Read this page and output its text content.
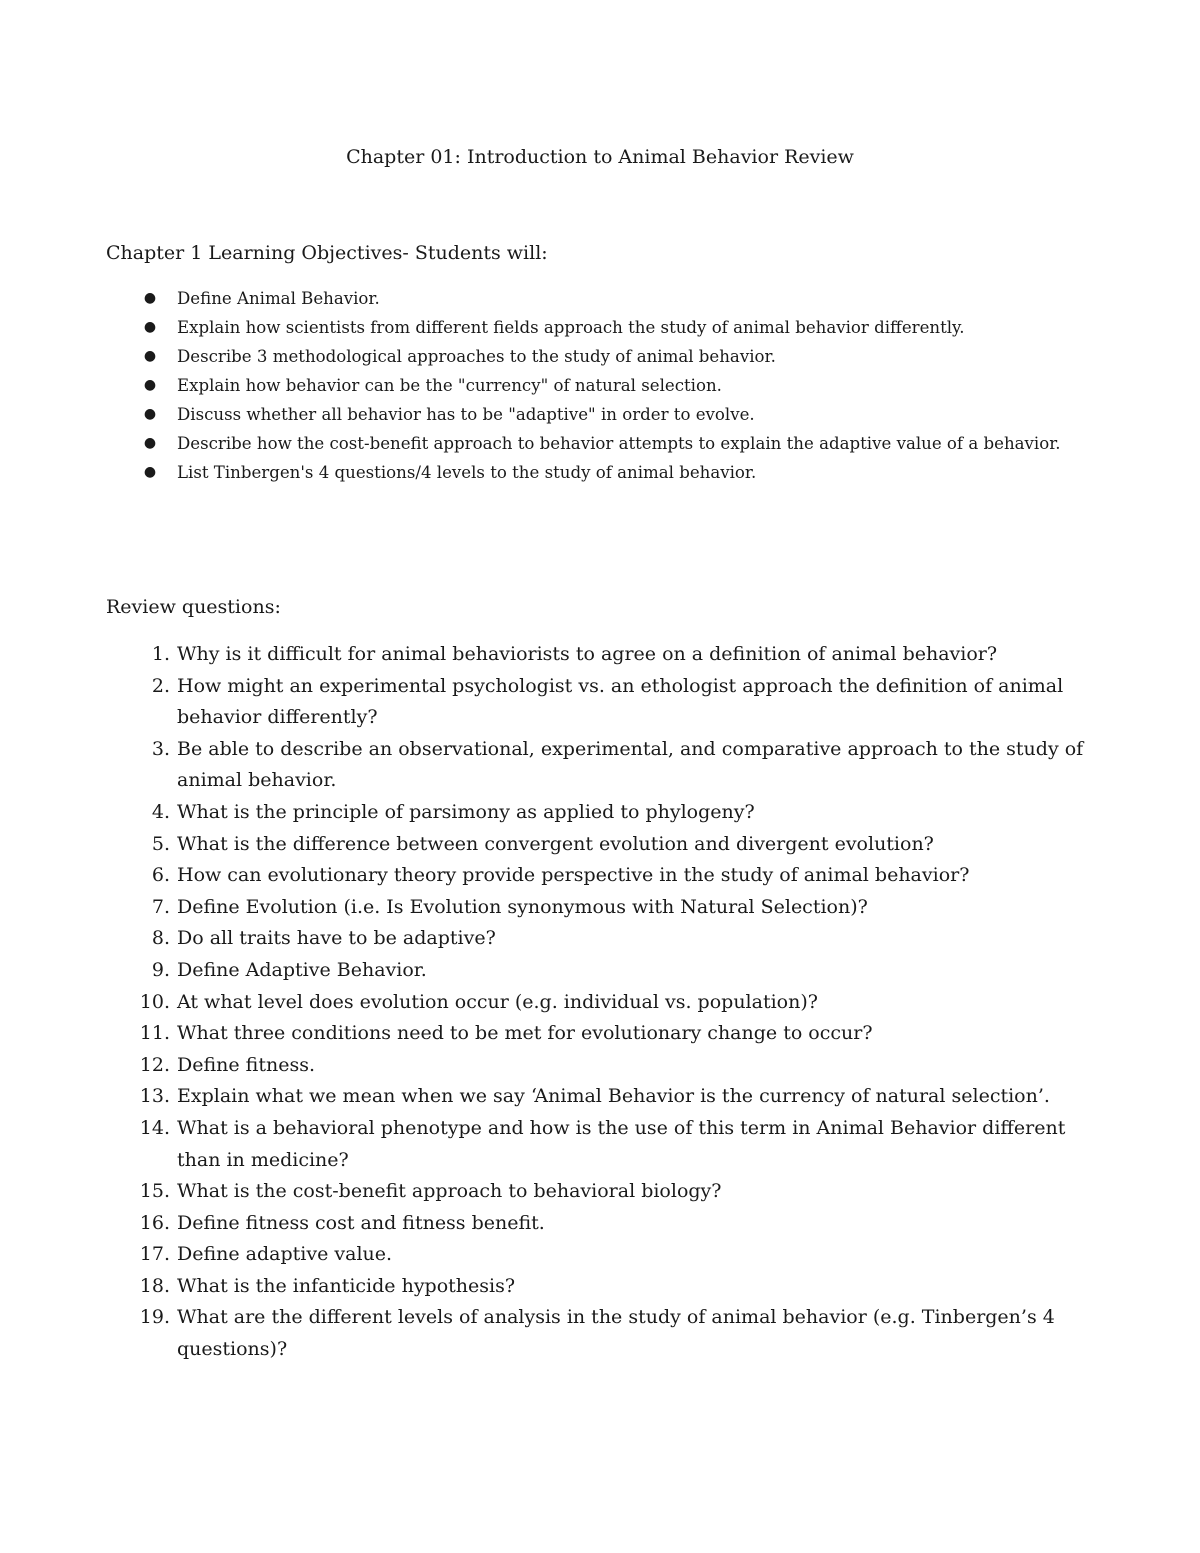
Chapter 01: Introduction to Animal Behavior Review
Chapter 1 Learning Objectives- Students will:
● Define Animal Behavior.
● Explain how scientists from different fields approach the study of animal behavior differently.
● Describe 3 methodological approaches to the study of animal behavior.
● Explain how behavior can be the "currency" of natural selection.
● Discuss whether all behavior has to be "adaptive" in order to evolve.
● Describe how the cost-benefit approach to behavior attempts to explain the adaptive value of a behavior.
● List Tinbergen's 4 questions/4 levels to the study of animal behavior.
Review questions:
1. Why is it difficult for animal behaviorists to agree on a definition of animal behavior?
2. How might an experimental psychologist vs. an ethologist approach the definition of animal behavior differently?
3. Be able to describe an observational, experimental, and comparative approach to the study of animal behavior.
4. What is the principle of parsimony as applied to phylogeny?
5. What is the difference between convergent evolution and divergent evolution?
6. How can evolutionary theory provide perspective in the study of animal behavior?
7. Define Evolution (i.e. Is Evolution synonymous with Natural Selection)?
8. Do all traits have to be adaptive?
9. Define Adaptive Behavior.
10. At what level does evolution occur (e.g. individual vs. population)?
11. What three conditions need to be met for evolutionary change to occur?
12. Define fitness.
13. Explain what we mean when we say ‘Animal Behavior is the currency of natural selection’.
14. What is a behavioral phenotype and how is the use of this term in Animal Behavior different than in medicine?
15. What is the cost-benefit approach to behavioral biology?
16. Define fitness cost and fitness benefit.
17. Define adaptive value.
18. What is the infanticide hypothesis?
19. What are the different levels of analysis in the study of animal behavior (e.g. Tinbergen’s 4 questions)?
